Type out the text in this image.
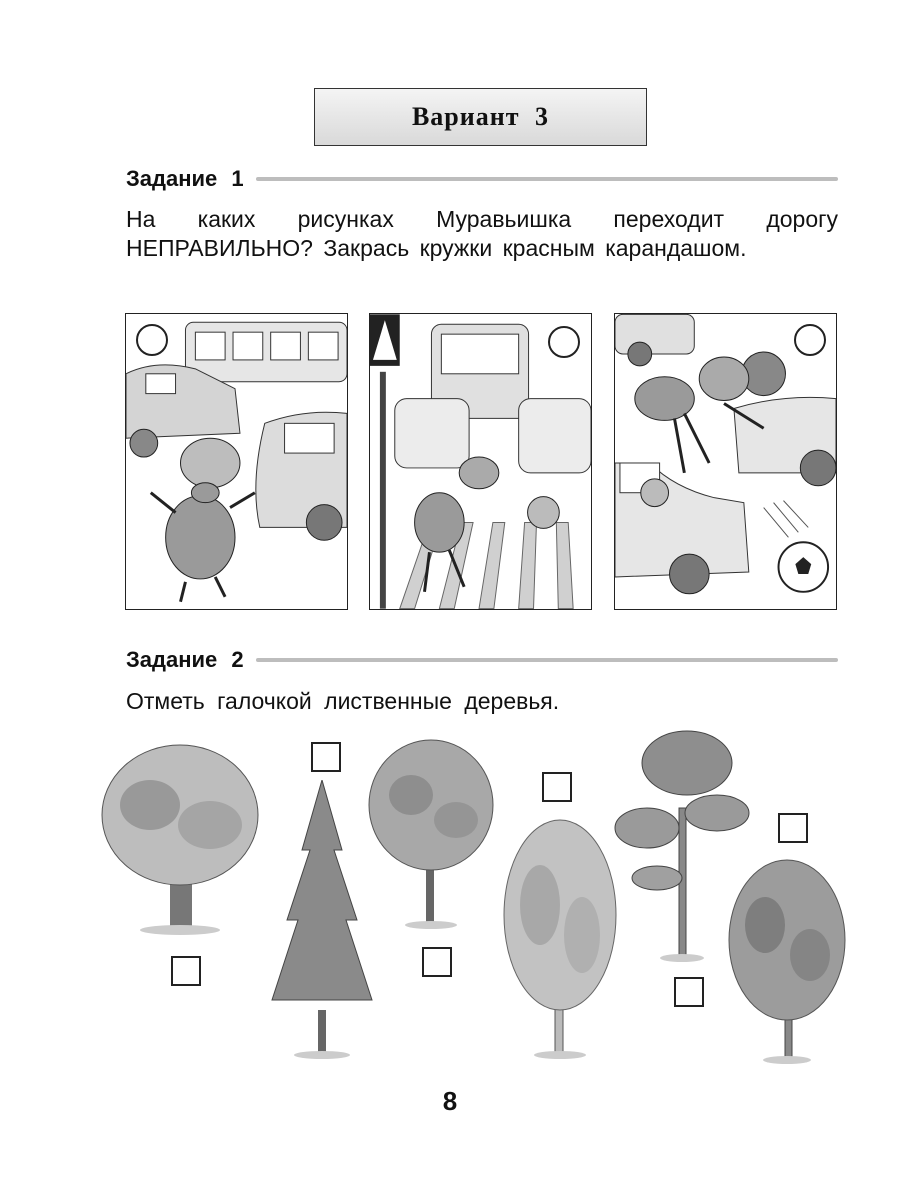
Вариант 3
Задание 1
На каких рисунках Муравьишка переходит дорогу НЕПРАВИЛЬНО? Закрась кружки красным карандашом.
Задание 2
Отметь галочкой лиственные деревья.
8
